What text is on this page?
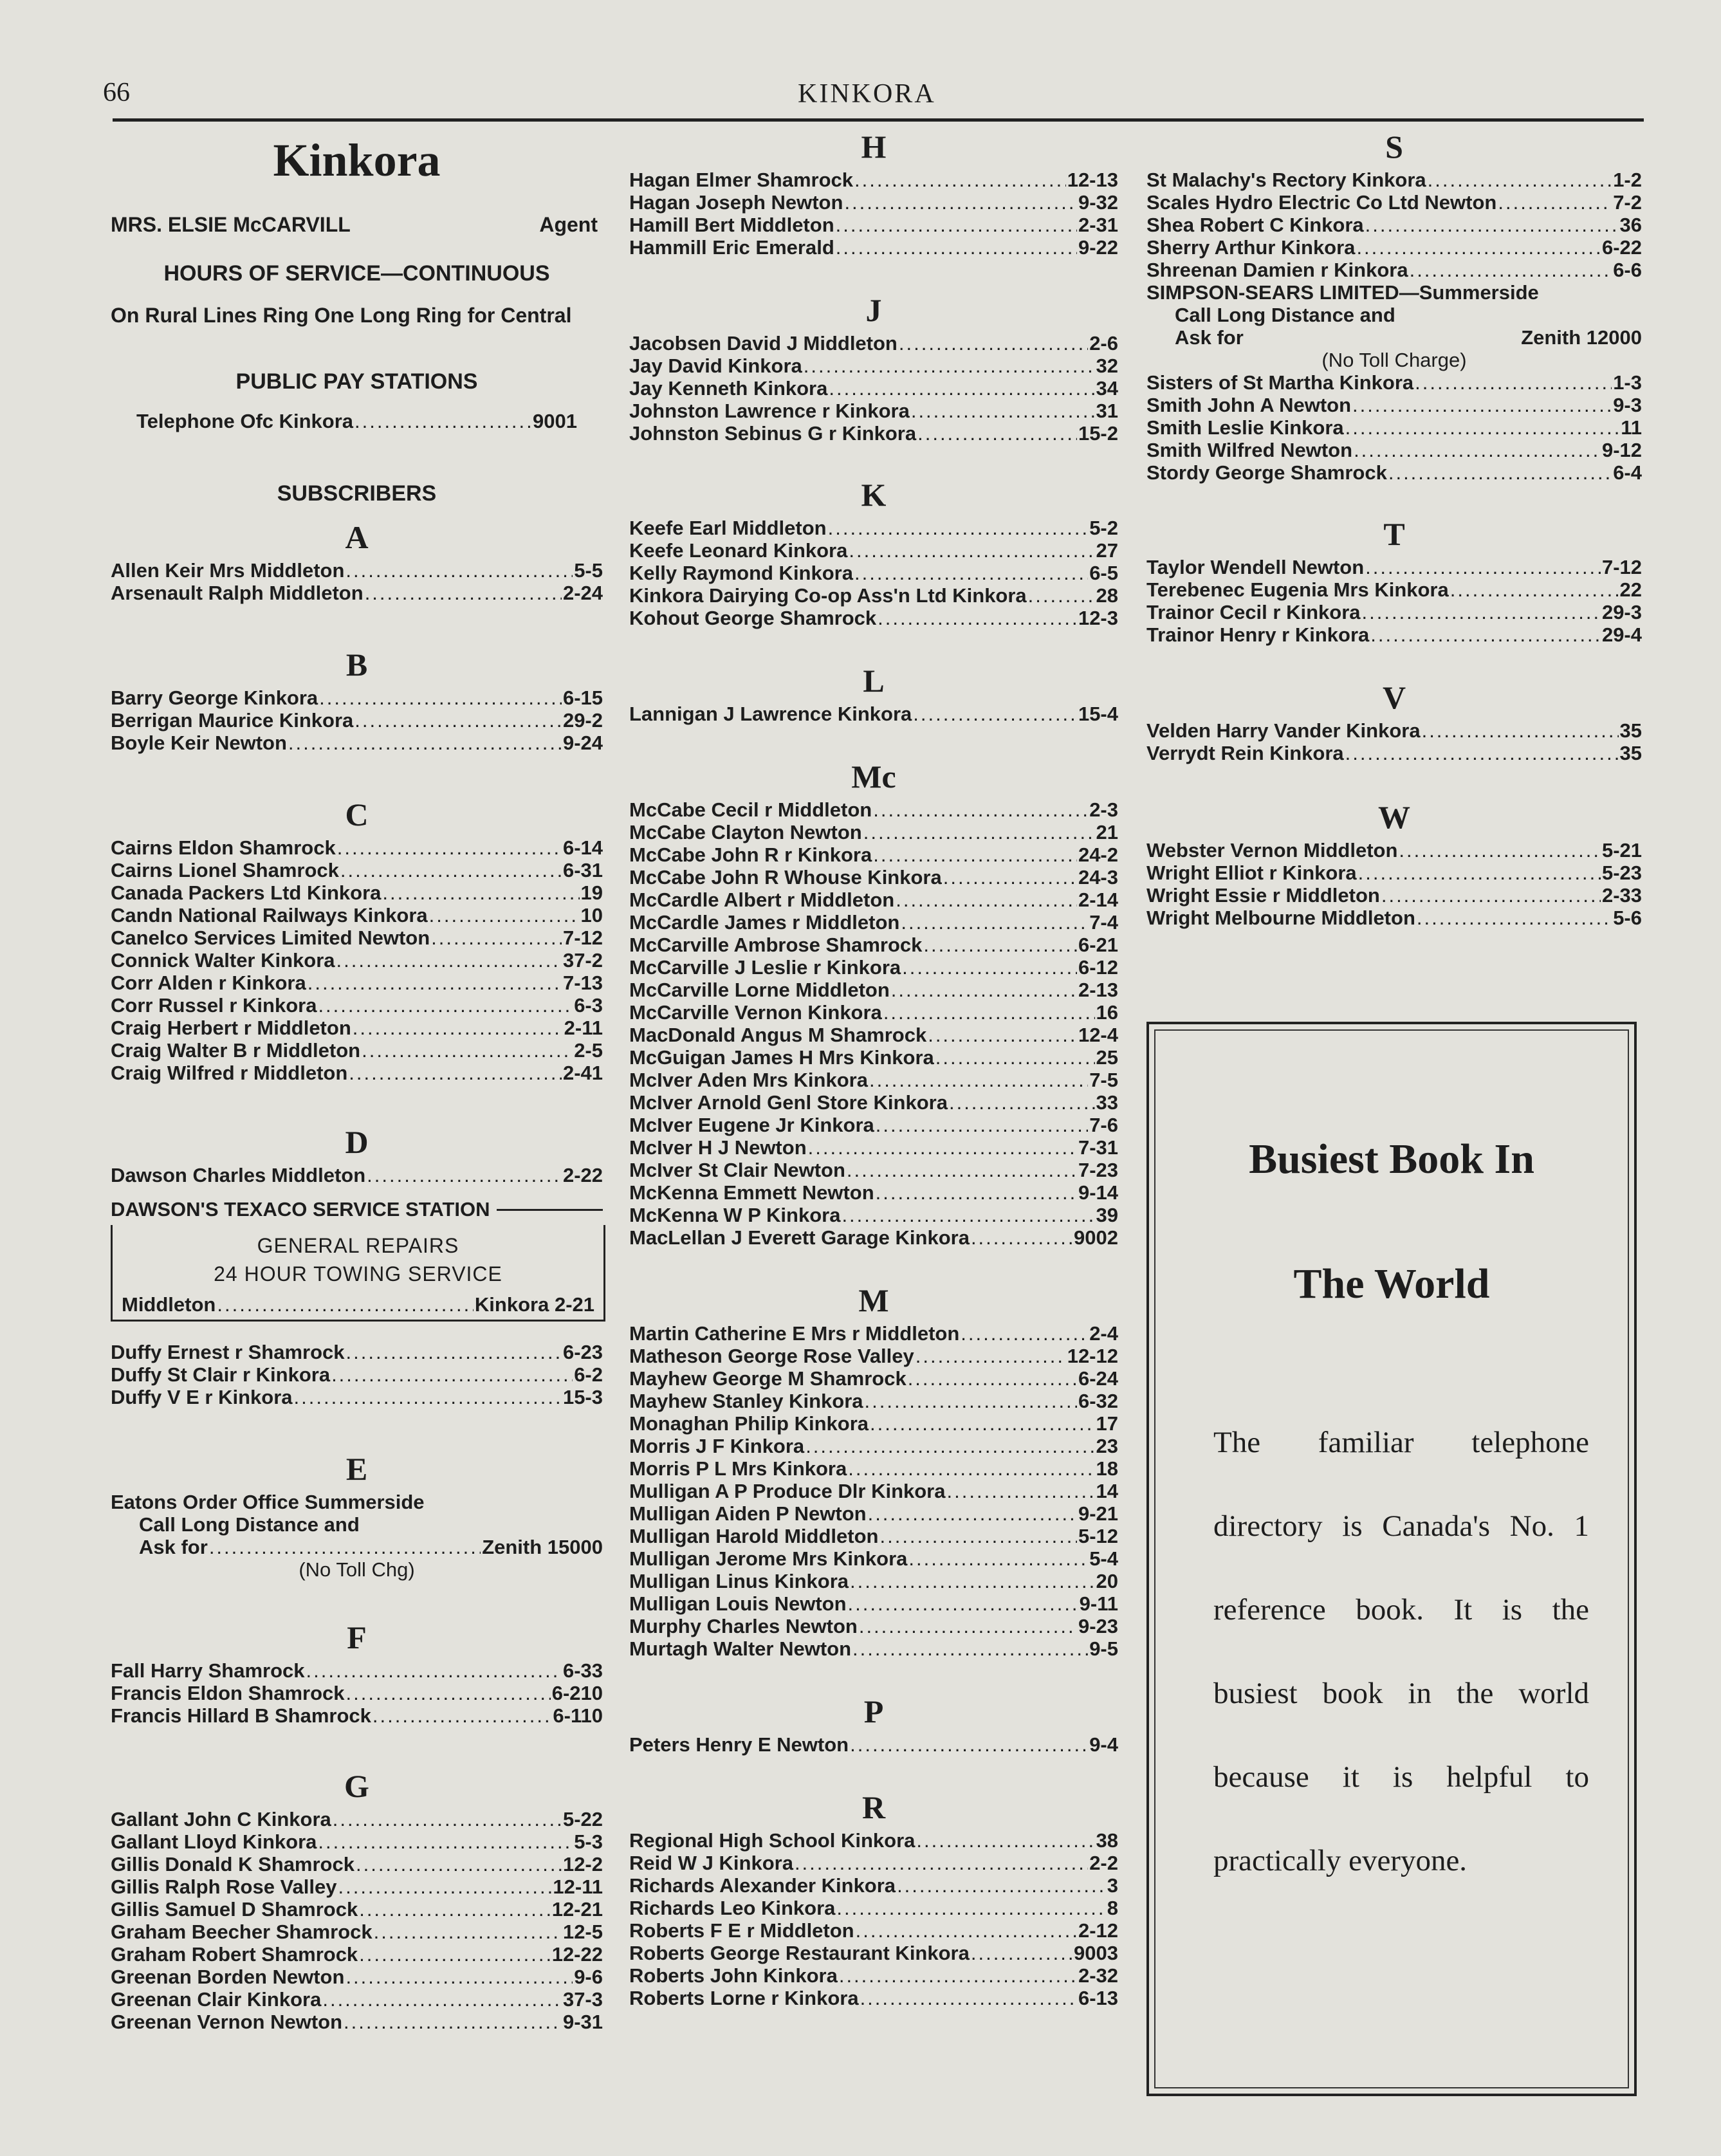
66	KINKORA
Kinkora
MRS. ELSIE McCARVILL	Agent
HOURS OF SERVICE—CONTINUOUS
On Rural Lines Ring One Long Ring for Central
PUBLIC PAY STATIONS
Telephone Ofc Kinkora .....	9001
SUBSCRIBERS
A
Allen Keir Mrs Middleton .....	5-5
Arsenault Ralph Middleton .....	2-24
B
Barry George Kinkora .....	6-15
Berrigan Maurice Kinkora .....	29-2
Boyle Keir Newton .....	9-24
C
Cairns Eldon Shamrock .....	6-14
Cairns Lionel Shamrock .....	6-31
Canada Packers Ltd Kinkora .....	19
Candn National Railways Kinkora .....	10
Canelco Services Limited Newton .....	7-12
Connick Walter Kinkora .....	37-2
Corr Alden r Kinkora .....	7-13
Corr Russel r Kinkora .....	6-3
Craig Herbert r Middleton .....	2-11
Craig Walter B r Middleton .....	2-5
Craig Wilfred r Middleton .....	2-41
D
Dawson Charles Middleton .....	2-22
DAWSON'S TEXACO SERVICE STATION
GENERAL REPAIRS
24 HOUR TOWING SERVICE
Middleton .....	Kinkora 2-21
Duffy Ernest r Shamrock .....	6-23
Duffy St Clair r Kinkora .....	6-2
Duffy V E r Kinkora .....	15-3
E
Eatons Order Office Summerside
Call Long Distance and
Ask for .....	Zenith 15000
(No Toll Chg)
F
Fall Harry Shamrock .....	6-33
Francis Eldon Shamrock .....	6-210
Francis Hillard B Shamrock .....	6-110
G
Gallant John C Kinkora .....	5-22
Gallant Lloyd Kinkora .....	5-3
Gillis Donald K Shamrock .....	12-2
Gillis Ralph Rose Valley .....	12-11
Gillis Samuel D Shamrock .....	12-21
Graham Beecher Shamrock .....	12-5
Graham Robert Shamrock .....	12-22
Greenan Borden Newton .....	9-6
Greenan Clair Kinkora .....	37-3
Greenan Vernon Newton .....	9-31
H
Hagan Elmer Shamrock .....	12-13
Hagan Joseph Newton .....	9-32
Hamill Bert Middleton .....	2-31
Hammill Eric Emerald .....	9-22
J
Jacobsen David J Middleton .....	2-6
Jay David Kinkora .....	32
Jay Kenneth Kinkora .....	34
Johnston Lawrence r Kinkora .....	31
Johnston Sebinus G r Kinkora .....	15-2
K
Keefe Earl Middleton .....	5-2
Keefe Leonard Kinkora .....	27
Kelly Raymond Kinkora .....	6-5
Kinkora Dairying Co-op Ass'n Ltd Kinkora .....	28
Kohout George Shamrock .....	12-3
L
Lannigan J Lawrence Kinkora .....	15-4
Mc
McCabe Cecil r Middleton .....	2-3
McCabe Clayton Newton .....	21
McCabe John R r Kinkora .....	24-2
McCabe John R Whouse Kinkora .....	24-3
McCardle Albert r Middleton .....	2-14
McCardle James r Middleton .....	7-4
McCarville Ambrose Shamrock .....	6-21
McCarville J Leslie r Kinkora .....	6-12
McCarville Lorne Middleton .....	2-13
McCarville Vernon Kinkora .....	16
MacDonald Angus M Shamrock .....	12-4
McGuigan James H Mrs Kinkora .....	25
McIver Aden Mrs Kinkora .....	7-5
McIver Arnold Genl Store Kinkora .....	33
McIver Eugene Jr Kinkora .....	7-6
McIver H J Newton .....	7-31
McIver St Clair Newton .....	7-23
McKenna Emmett Newton .....	9-14
McKenna W P Kinkora .....	39
MacLellan J Everett Garage Kinkora .....	9002
M
Martin Catherine E Mrs r Middleton .....	2-4
Matheson George Rose Valley .....	12-12
Mayhew George M Shamrock .....	6-24
Mayhew Stanley Kinkora .....	6-32
Monaghan Philip Kinkora .....	17
Morris J F Kinkora .....	23
Morris P L Mrs Kinkora .....	18
Mulligan A P Produce Dlr Kinkora .....	14
Mulligan Aiden P Newton .....	9-21
Mulligan Harold Middleton .....	5-12
Mulligan Jerome Mrs Kinkora .....	5-4
Mulligan Linus Kinkora .....	20
Mulligan Louis Newton .....	9-11
Murphy Charles Newton .....	9-23
Murtagh Walter Newton .....	9-5
P
Peters Henry E Newton .....	9-4
R
Regional High School Kinkora .....	38
Reid W J Kinkora .....	2-2
Richards Alexander Kinkora .....	3
Richards Leo Kinkora .....	8
Roberts F E r Middleton .....	2-12
Roberts George Restaurant Kinkora .....	9003
Roberts John Kinkora .....	2-32
Roberts Lorne r Kinkora .....	6-13
S
St Malachy's Rectory Kinkora .....	1-2
Scales Hydro Electric Co Ltd Newton .....	7-2
Shea Robert C Kinkora .....	36
Sherry Arthur Kinkora .....	6-22
Shreenan Damien r Kinkora .....	6-6
SIMPSON-SEARS LIMITED—Summerside
Call Long Distance and
Ask for	Zenith 12000
(No Toll Charge)
Sisters of St Martha Kinkora .....	1-3
Smith John A Newton .....	9-3
Smith Leslie Kinkora .....	11
Smith Wilfred Newton .....	9-12
Stordy George Shamrock .....	6-4
T
Taylor Wendell Newton .....	7-12
Terebenec Eugenia Mrs Kinkora .....	22
Trainor Cecil r Kinkora .....	29-3
Trainor Henry r Kinkora .....	29-4
V
Velden Harry Vander Kinkora .....	35
Verrydt Rein Kinkora .....	35
W
Webster Vernon Middleton .....	5-21
Wright Elliot r Kinkora .....	5-23
Wright Essie r Middleton .....	2-33
Wright Melbourne Middleton .....	5-6
Busiest Book In
The World
The familiar telephone directory is Canada's No. 1 reference book. It is the busiest book in the world because it is helpful to practically everyone.
